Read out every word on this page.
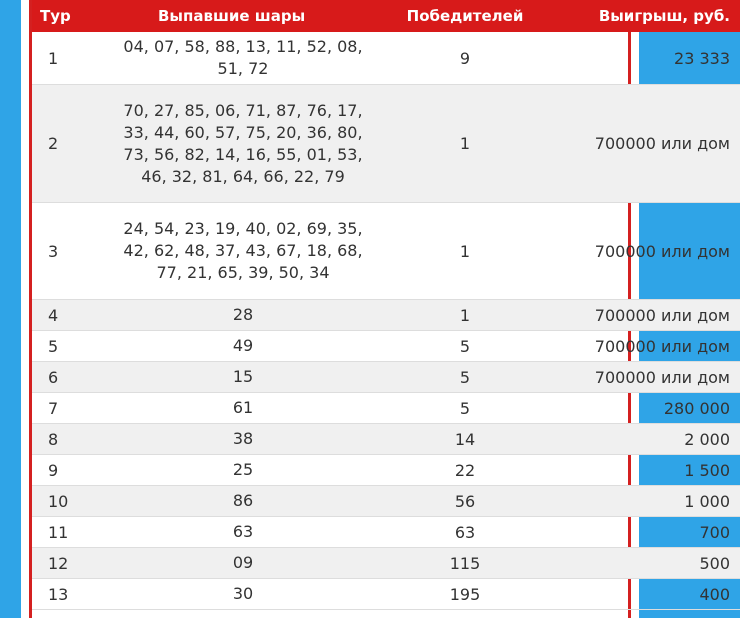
Тур	Выпавшие шары	Победителей	Выигрыш, руб.
1	04, 07, 58, 88, 13, 11, 52, 08, 51, 72	9	23 333
2	70, 27, 85, 06, 71, 87, 76, 17, 33, 44, 60, 57, 75, 20, 36, 80, 73, 56, 82, 14, 16, 55, 01, 53, 46, 32, 81, 64, 66, 22, 79	1	700000 или дом
3	24, 54, 23, 19, 40, 02, 69, 35, 42, 62, 48, 37, 43, 67, 18, 68, 77, 21, 65, 39, 50, 34	1	700000 или дом
4	28	1	700000 или дом
5	49	5	700000 или дом
6	15	5	700000 или дом
7	61	5	280 000
8	38	14	2 000
9	25	22	1 500
10	86	56	1 000
11	63	63	700
12	09	115	500
13	30	195	400
